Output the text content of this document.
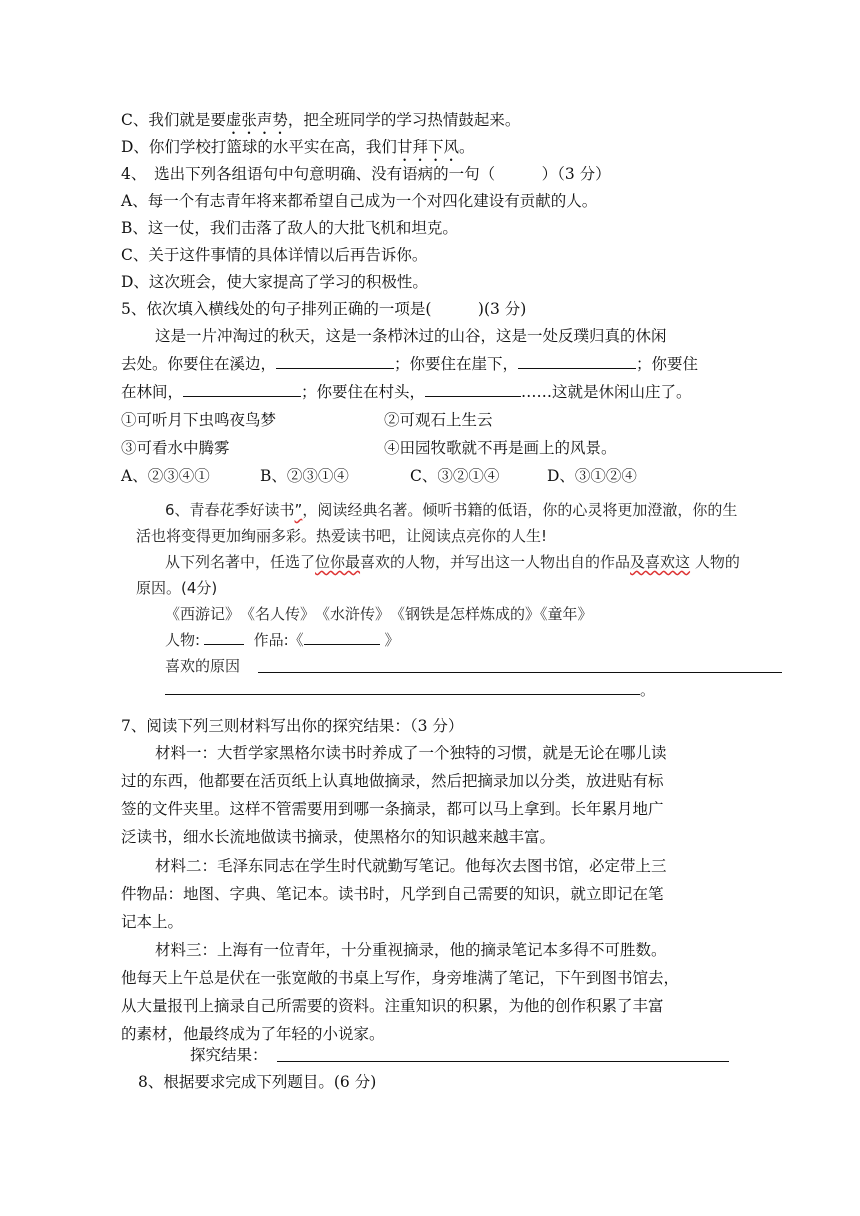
C、我们就是要虚张声势，把全班同学的学习热情鼓起来。
D、你们学校打篮球的水平实在高，我们甘拜下风。
4、　选出下列各组语句中句意明确、没有语病的一句（　　　）（3 分）
A、每一个有志青年将来都希望自己成为一个对四化建设有贡献的人。
B、这一仗，我们击落了敌人的大批飞机和坦克。
C、关于这件事情的具体详情以后再告诉你。
D、这次班会，使大家提高了学习的积极性。
5、依次填入横线处的句子排列正确的一项是(　　　)(3 分)
这是一片冲淘过的秋天，这是一条栉沐过的山谷，这是一处反璞归真的休闲
去处。你要住在溪边，	；你要住在崖下，	；你要住
在林间，	；你要住在村头，	……这就是休闲山庄了。
①可听月下虫鸣夜鸟梦	②可观石上生云
③可看水中腾雾	④田园牧歌就不再是画上的风景。
A、②③④①	B、②③①④	C、③②①④	D、③①②④
6、青春花季好读书”，阅读经典名著。倾听书籍的低语，你的心灵将更加澄澈，你的生
活也将变得更加绚丽多彩。热爱读书吧，让阅读点亮你的人生!
从下列名著中，任选了位你最喜欢的人物，并写出这一人物出自的作品及喜欢这 人物的
原因。(4分)
《西游记》　《名人传》　《水浒传》　《钢铁是怎样炼成的》《童年》
人物:	作品:《	》
喜欢的原因
。
7、阅读下列三则材料写出你的探究结果：（3 分）
材料一：大哲学家黑格尔读书时养成了一个独特的习惯，就是无论在哪儿读
过的东西，他都要在活页纸上认真地做摘录，然后把摘录加以分类，放进贴有标
签的文件夹里。这样不管需要用到哪一条摘录，都可以马上拿到。长年累月地广
泛读书，细水长流地做读书摘录，使黑格尔的知识越来越丰富。
材料二：毛泽东同志在学生时代就勤写笔记。他每次去图书馆，必定带上三
件物品：地图、字典、笔记本。读书时，凡学到自己需要的知识，就立即记在笔
记本上。
材料三：上海有一位青年，十分重视摘录，他的摘录笔记本多得不可胜数。
他每天上午总是伏在一张宽敞的书桌上写作，身旁堆满了笔记，下午到图书馆去，
从大量报刊上摘录自己所需要的资料。注重知识的积累，为他的创作积累了丰富
的素材，他最终成为了年轻的小说家。
探究结果：
8、根据要求完成下列题目。(6 分)
